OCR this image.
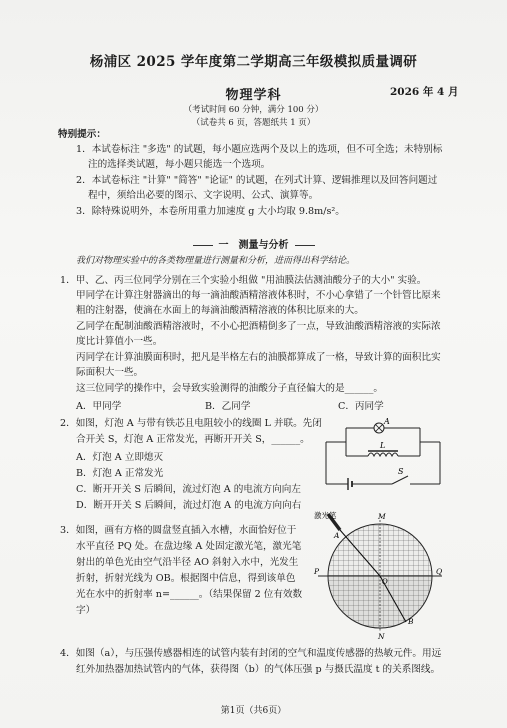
杨浦区 2025 学年度第二学期高三年级模拟质量调研
物理学科	2026 年 4 月
（考试时间 60 分钟，满分 100 分）
（试卷共 6 页，答题纸共 1 页）
特别提示：
1．本试卷标注 "多选" 的试题，每小题应选两个及以上的选项，但不可全选；未特别标
注的选择类试题，每小题只能选一个选项。
2．本试卷标注 "计算" "简答" "论证" 的试题，在列式计算、逻辑推理以及回答问题过
程中，须给出必要的图示、文字说明、公式、演算等。
3．除特殊说明外，本卷所用重力加速度 g 大小均取 9.8m/s²。
一　测量与分析
我们对物理实验中的各类物理量进行测量和分析，进而得出科学结论。
1．甲、乙、丙三位同学分别在三个实验小组做 "用油膜法估测油酸分子的大小" 实验。
甲同学在计算注射器滴出的每一滴油酸酒精溶液体积时，不小心拿错了一个针管比原来
粗的注射器，使滴在水面上的每滴油酸酒精溶液的体积比原来的大。
乙同学在配制油酸酒精溶液时，不小心把酒精倒多了一点，导致油酸酒精溶液的实际浓
度比计算值小一些。
丙同学在计算油膜面积时，把凡是半格左右的油膜都算成了一格，导致计算的面积比实
际面积大一些。
这三位同学的操作中，会导致实验测得的油酸分子直径偏大的是______。
A．甲同学	B．乙同学	C．丙同学
2．如图，灯泡 A 与带有铁芯且电阻较小的线圈 L 并联。先闭
合开关 S，灯泡 A 正常发光，再断开开关 S，______。
A．灯泡 A 立即熄灭
B．灯泡 A 正常发光
C．断开开关 S 后瞬间，流过灯泡 A 的电流方向向左
D．断开开关 S 后瞬间，流过灯泡 A 的电流方向向右
A
L
S
3．如图，画有方格的圆盘竖直插入水槽，水面恰好位于
水平直径 PQ 处。在盘边缘 A 处固定激光笔，激光笔
射出的单色光由空气沿半径 AO 斜射入水中，光发生
折射，折射光线为 OB。根据图中信息，得到该单色
光在水中的折射率 n=______。（结果保留 2 位有效数
字）
激光笔	M
N
P	Q
A
B
O
4．如图（a），与压强传感器相连的试管内装有封闭的空气和温度传感器的热敏元件。用远
红外加热器加热试管内的气体，获得图（b）的气体压强 p 与摄氏温度 t 的关系图线。
第1页（共6页）
